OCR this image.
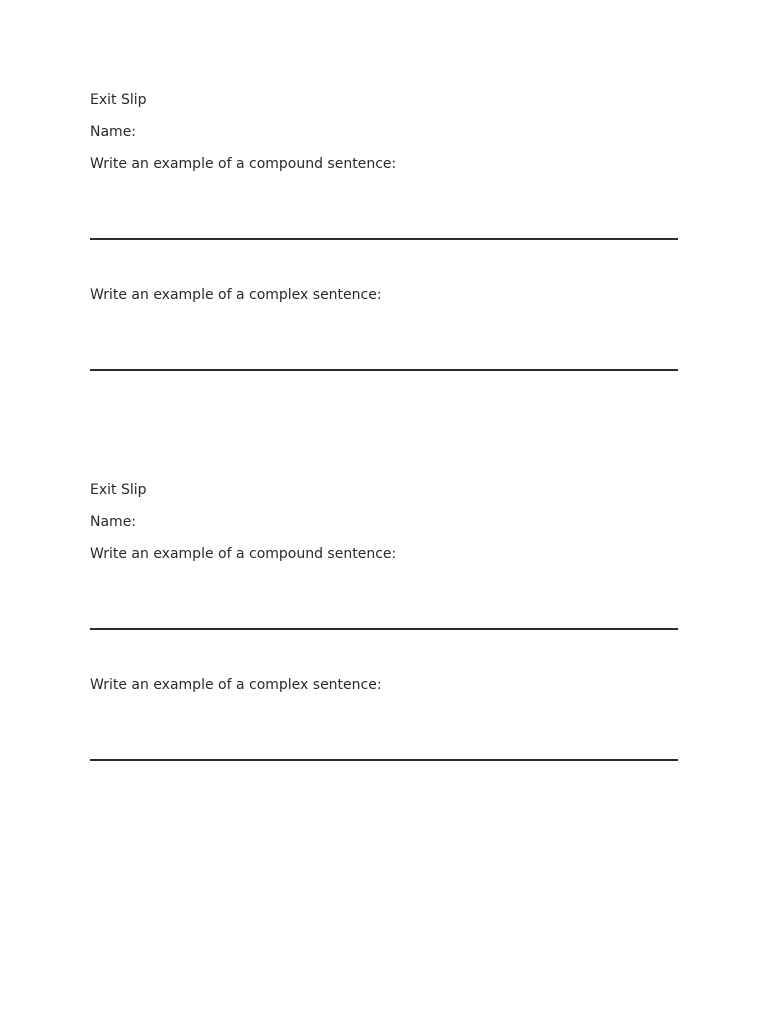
Exit Slip
Name:
Write an example of a compound sentence:
Write an example of a complex sentence:
Exit Slip
Name:
Write an example of a compound sentence:
Write an example of a complex sentence:
